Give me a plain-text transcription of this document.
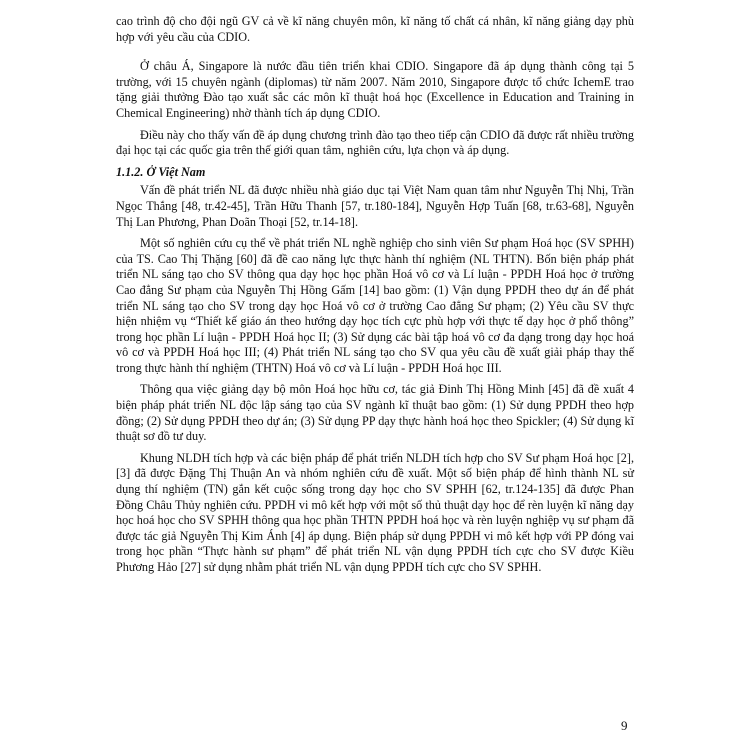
cao trình độ cho đội ngũ GV cả về kĩ năng chuyên môn, kĩ năng tố chất cá nhân, kĩ năng giảng dạy phù hợp với yêu cầu của CDIO.

Ở châu Á, Singapore là nước đầu tiên triển khai CDIO. Singapore đã áp dụng thành công tại 5 trường, với 15 chuyên ngành (diplomas) từ năm 2007. Năm 2010, Singapore được tổ chức IchemE trao tặng giải thưởng Đào tạo xuất sắc các môn kĩ thuật hoá học (Excellence in Education and Training in Chemical Engineering) nhờ thành tích áp dụng CDIO.

Điều này cho thấy vấn đề áp dụng chương trình đào tạo theo tiếp cận CDIO đã được rất nhiều trường đại học tại các quốc gia trên thế giới quan tâm, nghiên cứu, lựa chọn và áp dụng.

1.1.2. Ở Việt Nam

Vấn đề phát triển NL đã được nhiều nhà giáo dục tại Việt Nam quan tâm như Nguyễn Thị Nhị, Trần Ngọc Thắng [48, tr.42-45], Trần Hữu Thanh [57, tr.180-184], Nguyễn Hợp Tuấn [68, tr.63-68], Nguyễn Thị Lan Phương, Phan Doãn Thoại [52, tr.14-18].

Một số nghiên cứu cụ thể về phát triển NL nghề nghiệp cho sinh viên Sư phạm Hoá học (SV SPHH) của TS. Cao Thị Thặng [60] đã đề cao năng lực thực hành thí nghiệm (NL THTN). Bốn biện pháp phát triển NL sáng tạo cho SV thông qua dạy học học phần Hoá vô cơ và Lí luận - PPDH Hoá học ở trường Cao đẳng Sư phạm của Nguyễn Thị Hồng Gấm [14] bao gồm: (1) Vận dụng PPDH theo dự án để phát triển NL sáng tạo cho SV trong dạy học Hoá vô cơ ở trường Cao đẳng Sư phạm; (2) Yêu cầu SV thực hiện nhiệm vụ “Thiết kế giáo án theo hướng dạy học tích cực phù hợp với thực tế dạy học ở phổ thông” trong học phần Lí luận - PPDH Hoá học II; (3) Sử dụng các bài tập hoá vô cơ đa dạng trong dạy học hoá vô cơ và PPDH Hoá học III; (4) Phát triển NL sáng tạo cho SV qua yêu cầu đề xuất giải pháp thay thế trong thực hành thí nghiệm (THTN) Hoá vô cơ và Lí luận - PPDH Hoá học III.

Thông qua việc giảng dạy bộ môn Hoá học hữu cơ, tác giả Đinh Thị Hồng Minh [45] đã đề xuất 4 biện pháp phát triển NL độc lập sáng tạo của SV ngành kĩ thuật bao gồm: (1) Sử dụng PPDH theo hợp đồng; (2) Sử dụng PPDH theo dự án; (3) Sử dụng PP dạy thực hành hoá học theo Spickler; (4) Sử dụng kĩ thuật sơ đồ tư duy.

Khung NLDH tích hợp và các biện pháp để phát triển NLDH tích hợp cho SV Sư phạm Hoá học [2], [3] đã được Đặng Thị Thuận An và nhóm nghiên cứu đề xuất. Một số biện pháp để hình thành NL sử dụng thí nghiệm (TN) gắn kết cuộc sống trong dạy học cho SV SPHH [62, tr.124-135] đã được Phan Đồng Châu Thủy nghiên cứu. PPDH vi mô kết hợp với một số thủ thuật dạy học để rèn luyện kĩ năng dạy học hoá học cho SV SPHH thông qua học phần THTN PPDH hoá học và rèn luyện nghiệp vụ sư phạm đã được tác giả Nguyễn Thị Kim Ánh [4] áp dụng. Biện pháp sử dụng PPDH vi mô kết hợp với PP đóng vai trong học phần “Thực hành sư phạm” để phát triển NL vận dụng PPDH tích cực cho SV được Kiều Phương Hảo [27] sử dụng nhằm phát triển NL vận dụng PPDH tích cực cho SV SPHH.

9
